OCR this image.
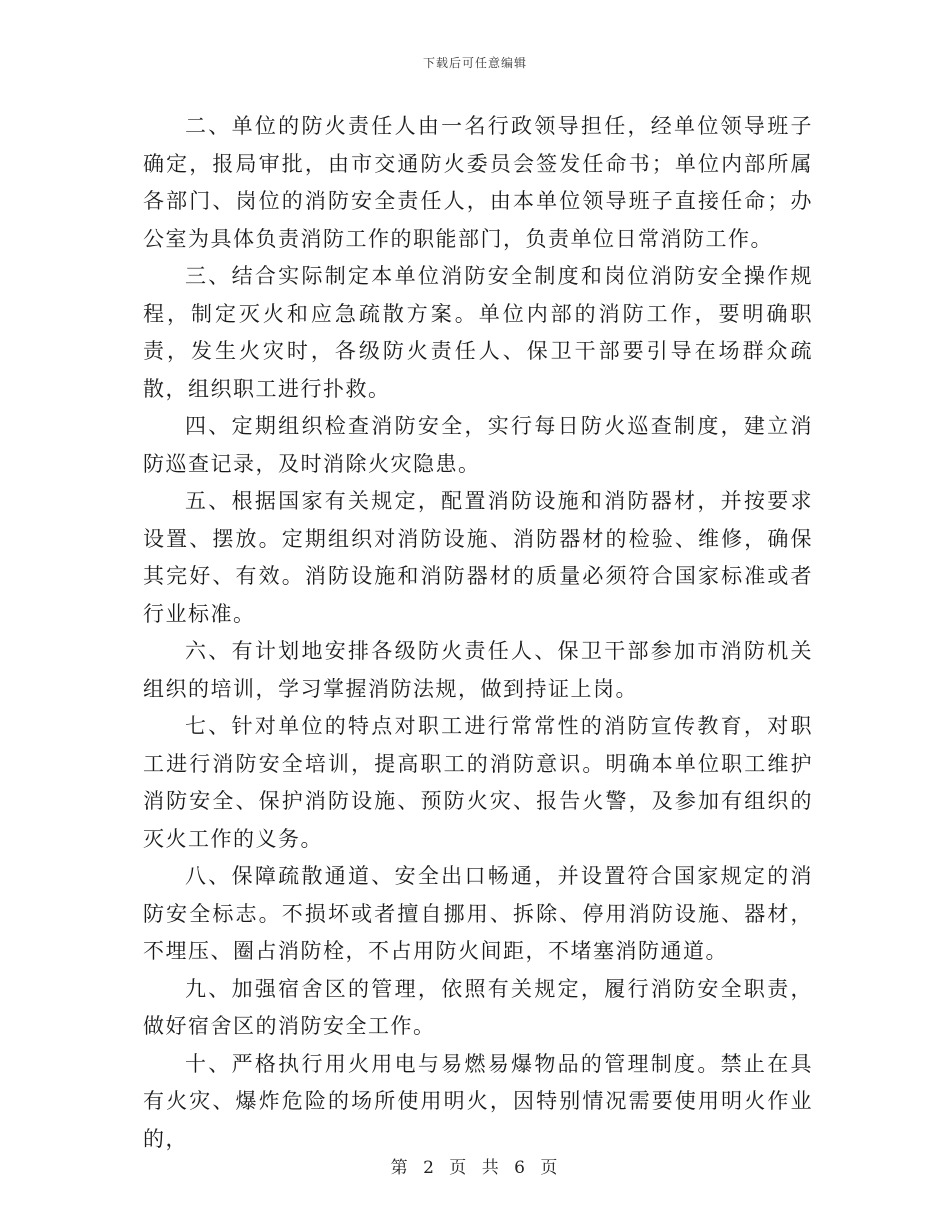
下载后可任意编辑

二、单位的防火责任人由一名行政领导担任，经单位领导班子确定，报局审批，由市交通防火委员会签发任命书；单位内部所属各部门、岗位的消防安全责任人，由本单位领导班子直接任命；办公室为具体负责消防工作的职能部门，负责单位日常消防工作。

三、结合实际制定本单位消防安全制度和岗位消防安全操作规程，制定灭火和应急疏散方案。单位内部的消防工作，要明确职责，发生火灾时，各级防火责任人、保卫干部要引导在场群众疏散，组织职工进行扑救。

四、定期组织检查消防安全，实行每日防火巡查制度，建立消防巡查记录，及时消除火灾隐患。

五、根据国家有关规定，配置消防设施和消防器材，并按要求设置、摆放。定期组织对消防设施、消防器材的检验、维修，确保其完好、有效。消防设施和消防器材的质量必须符合国家标准或者行业标准。

六、有计划地安排各级防火责任人、保卫干部参加市消防机关组织的培训，学习掌握消防法规，做到持证上岗。

七、针对单位的特点对职工进行常常性的消防宣传教育，对职工进行消防安全培训，提高职工的消防意识。明确本单位职工维护消防安全、保护消防设施、预防火灾、报告火警，及参加有组织的灭火工作的义务。

八、保障疏散通道、安全出口畅通，并设置符合国家规定的消防安全标志。不损坏或者擅自挪用、拆除、停用消防设施、器材，不埋压、圈占消防栓，不占用防火间距，不堵塞消防通道。

九、加强宿舍区的管理，依照有关规定，履行消防安全职责，做好宿舍区的消防安全工作。

十、严格执行用火用电与易燃易爆物品的管理制度。禁止在具有火灾、爆炸危险的场所使用明火，因特别情况需要使用明火作业的，

第 2 页 共 6 页
